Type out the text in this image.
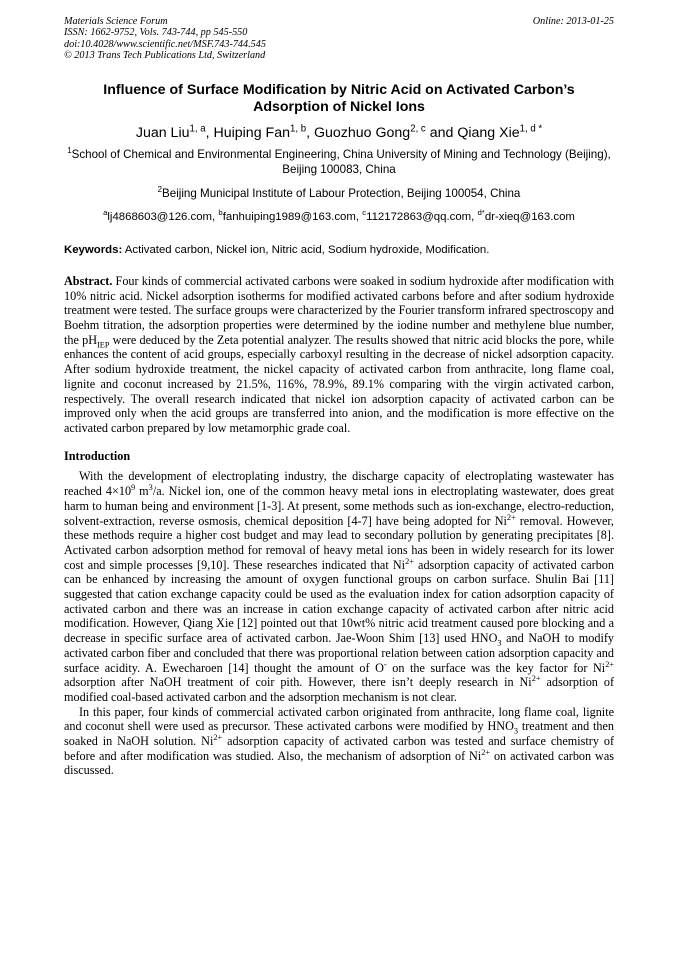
Materials Science Forum
ISSN: 1662-9752, Vols. 743-744, pp 545-550
doi:10.4028/www.scientific.net/MSF.743-744.545
© 2013 Trans Tech Publications Ltd, Switzerland
Online: 2013-01-25
Influence of Surface Modification by Nitric Acid on Activated Carbon’s Adsorption of Nickel Ions
Juan Liu$^{1, a}$, Huiping Fan$^{1, b}$, Guozhuo Gong$^{2, c}$ and Qiang Xie$^{1, d *}$
$^1$School of Chemical and Environmental Engineering, China University of Mining and Technology (Beijing), Beijing 100083, China
$^2$Beijing Municipal Institute of Labour Protection, Beijing 100054, China
$^a$lj4868603@126.com, $^b$fanhuiping1989@163.com, $^c$112172863@qq.com, $^{d*}$dr-xieq@163.com
Keywords: Activated carbon, Nickel ion, Nitric acid, Sodium hydroxide, Modification.
Abstract. Four kinds of commercial activated carbons were soaked in sodium hydroxide after modification with 10% nitric acid. Nickel adsorption isotherms for modified activated carbons before and after sodium hydroxide treatment were tested. The surface groups were characterized by the Fourier transform infrared spectroscopy and Boehm titration, the adsorption properties were determined by the iodine number and methylene blue number, the $pH_{IEP}$ were deduced by the Zeta potential analyzer. The results showed that nitric acid blocks the pore, while enhances the content of acid groups, especially carboxyl resulting in the decrease of nickel adsorption capacity. After sodium hydroxide treatment, the nickel capacity of activated carbon from anthracite, long flame coal, lignite and coconut increased by 21.5%, 116%, 78.9%, 89.1% comparing with the virgin activated carbon, respectively. The overall research indicated that nickel ion adsorption capacity of activated carbon can be improved only when the acid groups are transferred into anion, and the modification is more effective on the activated carbon prepared by low metamorphic grade coal.
Introduction
With the development of electroplating industry, the discharge capacity of electroplating wastewater has reached $4\times 10^9$ $m^3/a$. Nickel ion, one of the common heavy metal ions in electroplating wastewater, does great harm to human being and environment [1-3]. At present, some methods such as ion-exchange, electro-reduction, solvent-extraction, reverse osmosis, chemical deposition [4-7] have being adopted for $Ni^{2+}$ removal. However, these methods require a higher cost budget and may lead to secondary pollution by generating precipitates [8]. Activated carbon adsorption method for removal of heavy metal ions has been in widely research for its lower cost and simple processes [9,10]. These researches indicated that $Ni^{2+}$ adsorption capacity of activated carbon can be enhanced by increasing the amount of oxygen functional groups on carbon surface. Shulin Bai [11] suggested that cation exchange capacity could be used as the evaluation index for cation adsorption capacity of activated carbon and there was an increase in cation exchange capacity of activated carbon after nitric acid modification. However, Qiang Xie [12] pointed out that 10wt% nitric acid treatment caused pore blocking and a decrease in specific surface area of activated carbon. Jae-Woon Shim [13] used $HNO_3$ and NaOH to modify activated carbon fiber and concluded that there was proportional relation between cation adsorption capacity and surface acidity. A. Ewecharoen [14] thought the amount of O- on the surface was the key factor for $Ni^{2+}$ adsorption after NaOH treatment of coir pith. However, there isn’t deeply research in $Ni^{2+}$ adsorption of modified coal-based activated carbon and the adsorption mechanism is not clear.
In this paper, four kinds of commercial activated carbon originated from anthracite, long flame coal, lignite and coconut shell were used as precursor. These activated carbons were modified by $HNO_3$ treatment and then soaked in NaOH solution. $Ni^{2+}$ adsorption capacity of activated carbon was tested and surface chemistry of before and after modification was studied. Also, the mechanism of adsorption of $Ni^{2+}$ on activated carbon was discussed.
